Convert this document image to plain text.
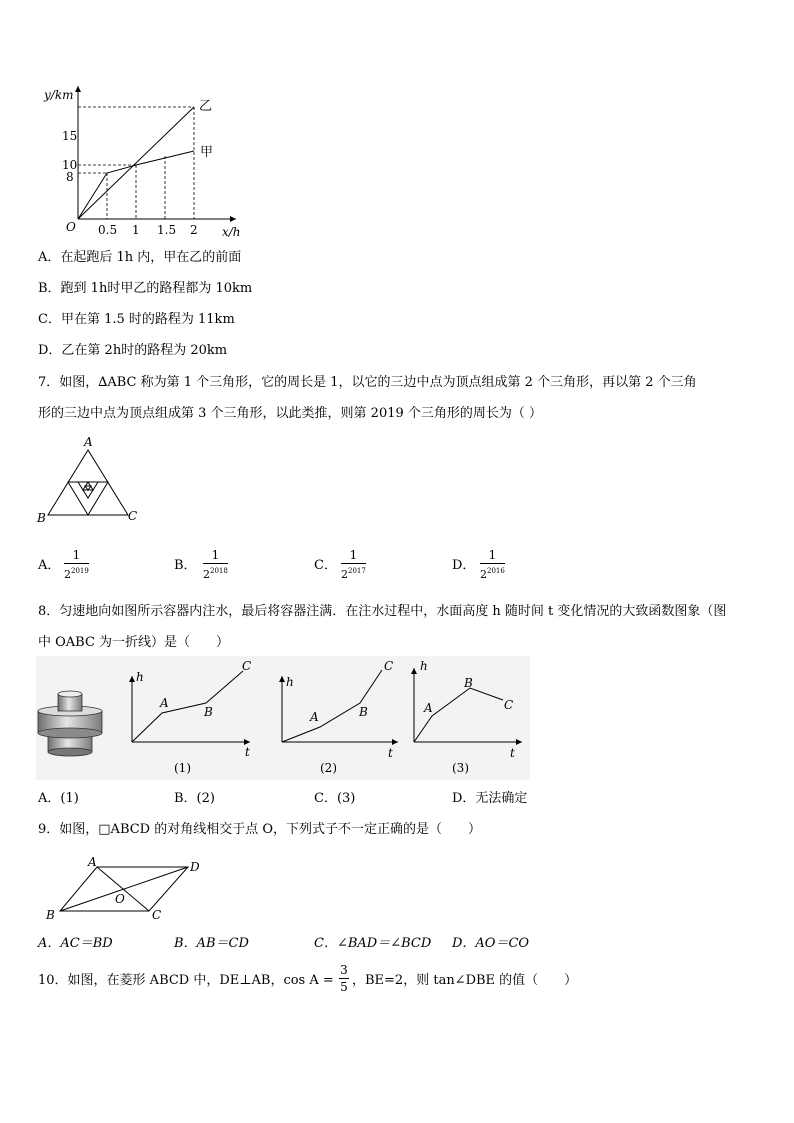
y/km
x/h
O
15
10
8
0.5 1 1.5 2
乙
甲
A．在起跑后 1h 内，甲在乙的前面
B．跑到 1h时甲乙的路程都为 10km
C．甲在第 1.5 时的路程为 11km
D．乙在第 2h时的路程为 20km
7．如图，∆ABC 称为第 1 个三角形，它的周长是 1，以它的三边中点为顶点组成第 2 个三角形，再以第 2 个三角
形的三边中点为顶点组成第 3 个三角形，以此类推，则第 2019 个三角形的周长为（ ）
A
B	C
A．
1
$2^{2019}$	B．
1
$2^{2018}$	C．
1
$2^{2017}$	D．
1
$2^{2016}$
8．匀速地向如图所示容器内注水，最后将容器注满．在注水过程中，水面高度 h 随时间 t 变化情况的大致函数图象（图
中 OABC 为一折线）是（　　）
h
A
B
C
t
(1)
h
A	B
C
t
(2)
h
A
B
C
t
(3)
A．(1)	B．(2)	C．(3)	D．无法确定
9．如图，□ABCD 的对角线相交于点 O，下列式子不一定正确的是（　　）
A	D
B	C
O
A．AC＝BD	B．AB＝CD	C．∠BAD＝∠BCD D．AO＝CO
10．如图，在菱形 ABCD 中，DE⊥AB，cos A =
3
5 ，BE=2，则 tan∠DBE 的值（　　）
